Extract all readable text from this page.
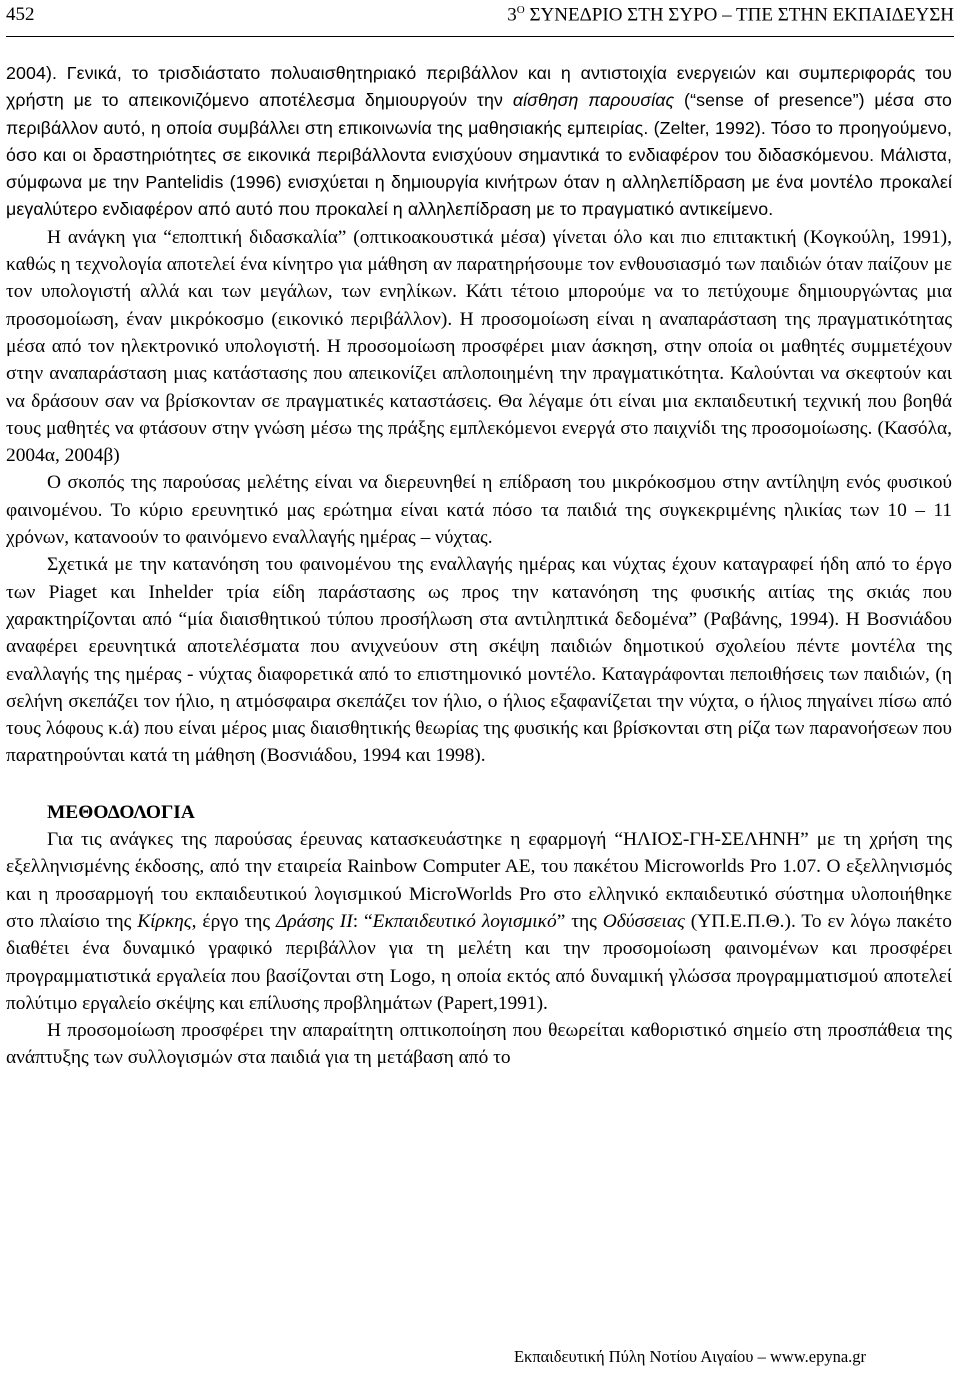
452	$3^O$ ΣΥΝΕΔΡΙΟ ΣΤΗ ΣΥΡΟ – ΤΠΕ ΣΤΗΝ ΕΚΠΑΙΔΕΥΣΗ

2004). Γενικά, το τρισδιάστατο πολυαισθητηριακό περιβάλλον και η αντιστοιχία ενεργειών και συμπεριφοράς του χρήστη με το απεικονιζόμενο αποτέλεσμα δημιουργούν την αίσθηση παρουσίας (“sense of presence”) μέσα στο περιβάλλον αυτό, η οποία συμβάλλει στη επικοινωνία της μαθησιακής εμπειρίας. (Zelter, 1992). Τόσο το προηγούμενο, όσο και οι δραστηριότητες σε εικονικά περιβάλλοντα ενισχύουν σημαντικά το ενδιαφέρον του διδασκόμενου. Μάλιστα, σύμφωνα με την Pantelidis (1996) ενισχύεται η δημιουργία κινήτρων όταν η αλληλεπίδραση με ένα μοντέλο προκαλεί μεγαλύτερο ενδιαφέρον από αυτό που προκαλεί η αλληλεπίδραση με το πραγματικό αντικείμενο.

Η ανάγκη για “εποπτική διδασκαλία” (οπτικοακουστικά μέσα) γίνεται όλο και πιο επιτακτική (Κογκούλη, 1991), καθώς η τεχνολογία αποτελεί ένα κίνητρο για μάθηση αν παρατηρήσουμε τον ενθουσιασμό των παιδιών όταν παίζουν με τον υπολογιστή αλλά και των μεγάλων, των ενηλίκων. Κάτι τέτοιο μπορούμε να το πετύχουμε δημιουργώντας μια προσομοίωση, έναν μικρόκοσμο (εικονικό περιβάλλον). Η προσομοίωση είναι η αναπαράσταση της πραγματικότητας μέσα από τον ηλεκτρονικό υπολογιστή. Η προσομοίωση προσφέρει μιαν άσκηση, στην οποία οι μαθητές συμμετέχουν στην αναπαράσταση μιας κατάστασης που απεικονίζει απλοποιημένη την πραγματικότητα. Καλούνται να σκεφτούν και να δράσουν σαν να βρίσκονταν σε πραγματικές καταστάσεις. Θα λέγαμε ότι είναι μια εκπαιδευτική τεχνική που βοηθά τους μαθητές να φτάσουν στην γνώση μέσω της πράξης εμπλεκόμενοι ενεργά στο παιχνίδι της προσομοίωσης. (Κασόλα, 2004α, 2004β)

Ο σκοπός της παρούσας μελέτης είναι να διερευνηθεί η επίδραση του μικρόκοσμου στην αντίληψη ενός φυσικού φαινομένου. Το κύριο ερευνητικό μας ερώτημα είναι κατά πόσο τα παιδιά της συγκεκριμένης ηλικίας των 10 – 11 χρόνων, κατανοούν το φαινόμενο εναλλαγής ημέρας – νύχτας.

Σχετικά με την κατανόηση του φαινομένου της εναλλαγής ημέρας και νύχτας έχουν καταγραφεί ήδη από το έργο των Piaget και Inhelder τρία είδη παράστασης ως προς την κατανόηση της φυσικής αιτίας της σκιάς που χαρακτηρίζονται από “μία διαισθητικού τύπου προσήλωση στα αντιληπτικά δεδομένα” (Ραβάνης, 1994). Η Βοσνιάδου αναφέρει ερευνητικά αποτελέσματα που ανιχνεύουν στη σκέψη παιδιών δημοτικού σχολείου πέντε μοντέλα της εναλλαγής της ημέρας - νύχτας διαφορετικά από το επιστημονικό μοντέλο. Καταγράφονται πεποιθήσεις των παιδιών, (η σελήνη σκεπάζει τον ήλιο, η ατμόσφαιρα σκεπάζει τον ήλιο, ο ήλιος εξαφανίζεται την νύχτα, ο ήλιος πηγαίνει πίσω από τους λόφους κ.ά) που είναι μέρος μιας διαισθητικής θεωρίας της φυσικής και βρίσκονται στη ρίζα των παρανοήσεων που παρατηρούνται κατά τη μάθηση (Βοσνιάδου, 1994 και 1998).

ΜΕΘΟΔΟΛΟΓΙΑ

Για τις ανάγκες της παρούσας έρευνας κατασκευάστηκε η εφαρμογή “ΗΛΙΟΣ-ΓΗ-ΣΕΛΗΝΗ” με τη χρήση της εξελληνισμένης έκδοσης, από την εταιρεία Rainbow Computer AE, του πακέτου Microworlds Pro 1.07. Ο εξελληνισμός και η προσαρμογή του εκπαιδευτικού λογισμικού MicroWorlds Pro στο ελληνικό εκπαιδευτικό σύστημα υλοποιήθηκε στο πλαίσιο της Κίρκης, έργο της Δράσης ΙΙ: “Εκπαιδευτικό λογισμικό” της Οδύσσειας (ΥΠ.Ε.Π.Θ.). Το εν λόγω πακέτο διαθέτει ένα δυναμικό γραφικό περιβάλλον για τη μελέτη και την προσομοίωση φαινομένων και προσφέρει προγραμματιστικά εργαλεία που βασίζονται στη Logo, η οποία εκτός από δυναμική γλώσσα προγραμματισμού αποτελεί πολύτιμο εργαλείο σκέψης και επίλυσης προβλημάτων (Papert,1991).

Η προσομοίωση προσφέρει την απαραίτητη οπτικοποίηση που θεωρείται καθοριστικό σημείο στη προσπάθεια της ανάπτυξης των συλλογισμών στα παιδιά για τη μετάβαση από το

Εκπαιδευτική Πύλη Νοτίου Αιγαίου – www.epyna.gr
